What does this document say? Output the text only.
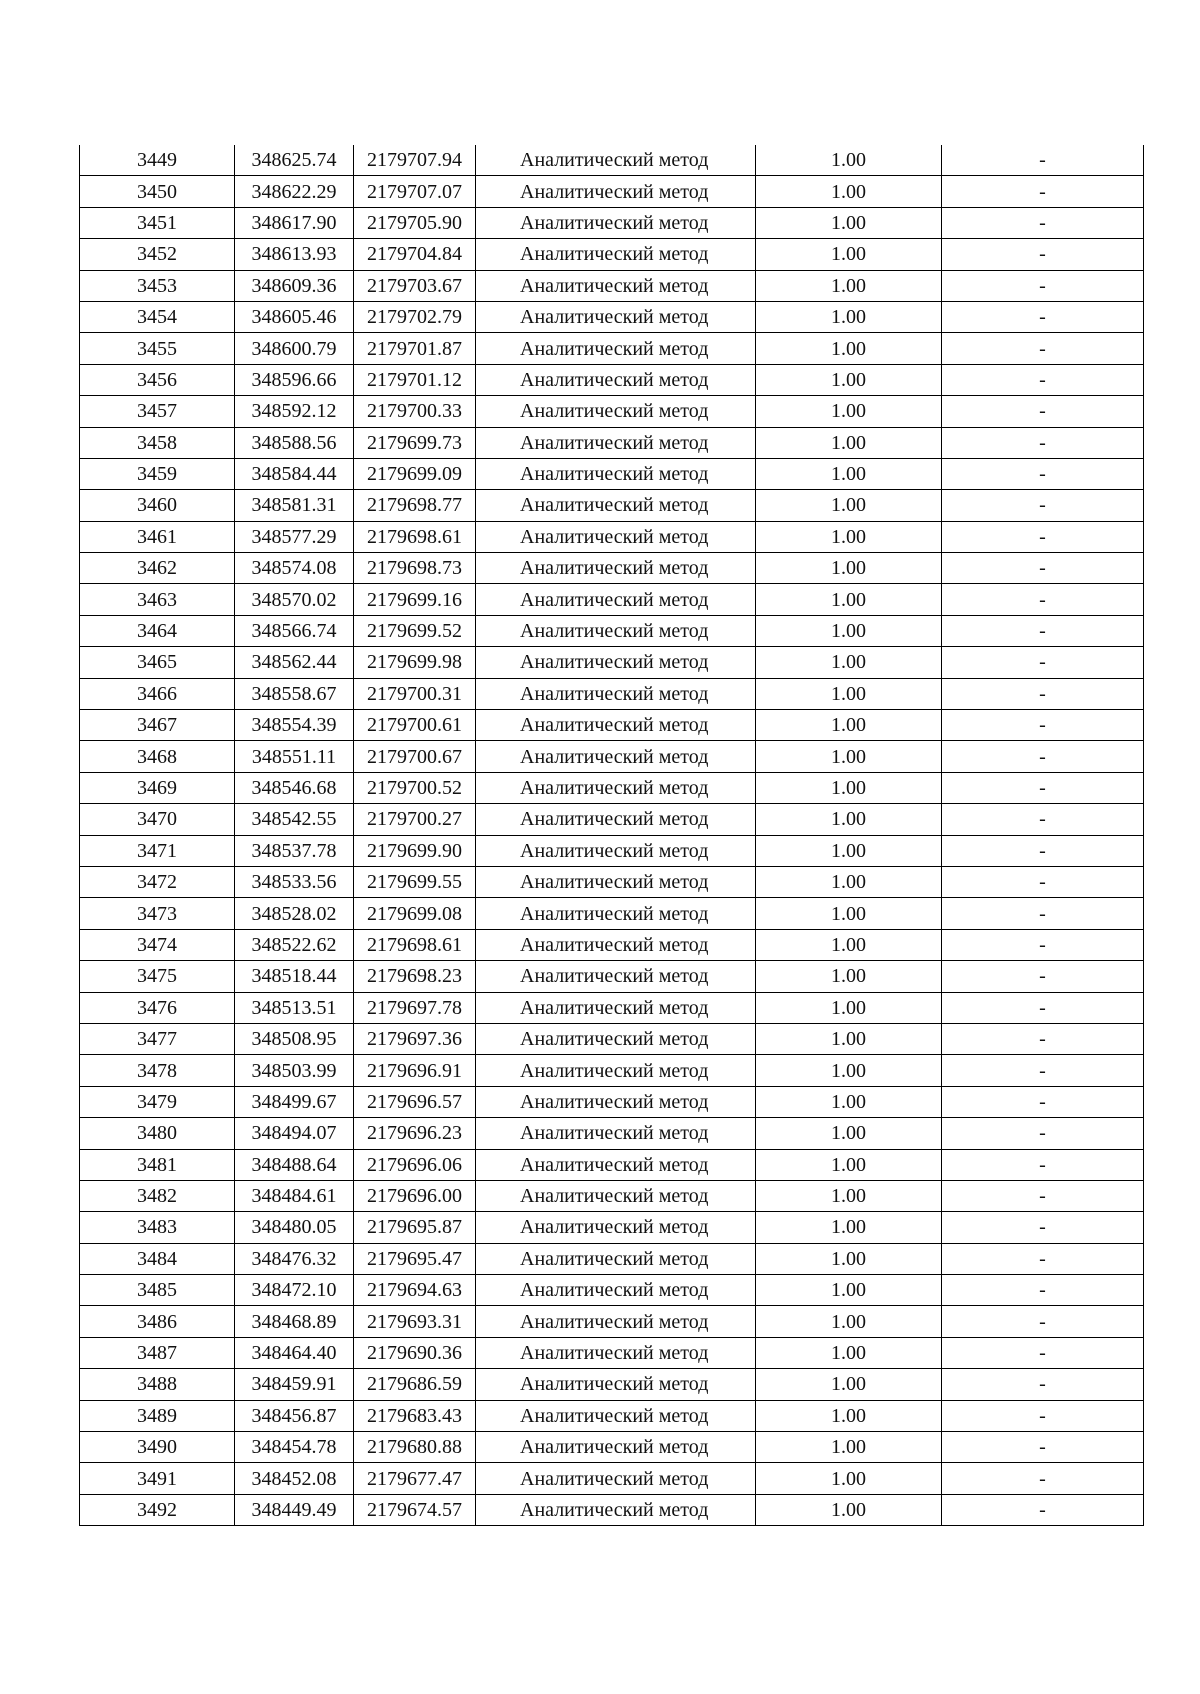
3449	348625.74	2179707.94	Аналитический метод	1.00	-
3450	348622.29	2179707.07	Аналитический метод	1.00	-
3451	348617.90	2179705.90	Аналитический метод	1.00	-
3452	348613.93	2179704.84	Аналитический метод	1.00	-
3453	348609.36	2179703.67	Аналитический метод	1.00	-
3454	348605.46	2179702.79	Аналитический метод	1.00	-
3455	348600.79	2179701.87	Аналитический метод	1.00	-
3456	348596.66	2179701.12	Аналитический метод	1.00	-
3457	348592.12	2179700.33	Аналитический метод	1.00	-
3458	348588.56	2179699.73	Аналитический метод	1.00	-
3459	348584.44	2179699.09	Аналитический метод	1.00	-
3460	348581.31	2179698.77	Аналитический метод	1.00	-
3461	348577.29	2179698.61	Аналитический метод	1.00	-
3462	348574.08	2179698.73	Аналитический метод	1.00	-
3463	348570.02	2179699.16	Аналитический метод	1.00	-
3464	348566.74	2179699.52	Аналитический метод	1.00	-
3465	348562.44	2179699.98	Аналитический метод	1.00	-
3466	348558.67	2179700.31	Аналитический метод	1.00	-
3467	348554.39	2179700.61	Аналитический метод	1.00	-
3468	348551.11	2179700.67	Аналитический метод	1.00	-
3469	348546.68	2179700.52	Аналитический метод	1.00	-
3470	348542.55	2179700.27	Аналитический метод	1.00	-
3471	348537.78	2179699.90	Аналитический метод	1.00	-
3472	348533.56	2179699.55	Аналитический метод	1.00	-
3473	348528.02	2179699.08	Аналитический метод	1.00	-
3474	348522.62	2179698.61	Аналитический метод	1.00	-
3475	348518.44	2179698.23	Аналитический метод	1.00	-
3476	348513.51	2179697.78	Аналитический метод	1.00	-
3477	348508.95	2179697.36	Аналитический метод	1.00	-
3478	348503.99	2179696.91	Аналитический метод	1.00	-
3479	348499.67	2179696.57	Аналитический метод	1.00	-
3480	348494.07	2179696.23	Аналитический метод	1.00	-
3481	348488.64	2179696.06	Аналитический метод	1.00	-
3482	348484.61	2179696.00	Аналитический метод	1.00	-
3483	348480.05	2179695.87	Аналитический метод	1.00	-
3484	348476.32	2179695.47	Аналитический метод	1.00	-
3485	348472.10	2179694.63	Аналитический метод	1.00	-
3486	348468.89	2179693.31	Аналитический метод	1.00	-
3487	348464.40	2179690.36	Аналитический метод	1.00	-
3488	348459.91	2179686.59	Аналитический метод	1.00	-
3489	348456.87	2179683.43	Аналитический метод	1.00	-
3490	348454.78	2179680.88	Аналитический метод	1.00	-
3491	348452.08	2179677.47	Аналитический метод	1.00	-
3492	348449.49	2179674.57	Аналитический метод	1.00	-
